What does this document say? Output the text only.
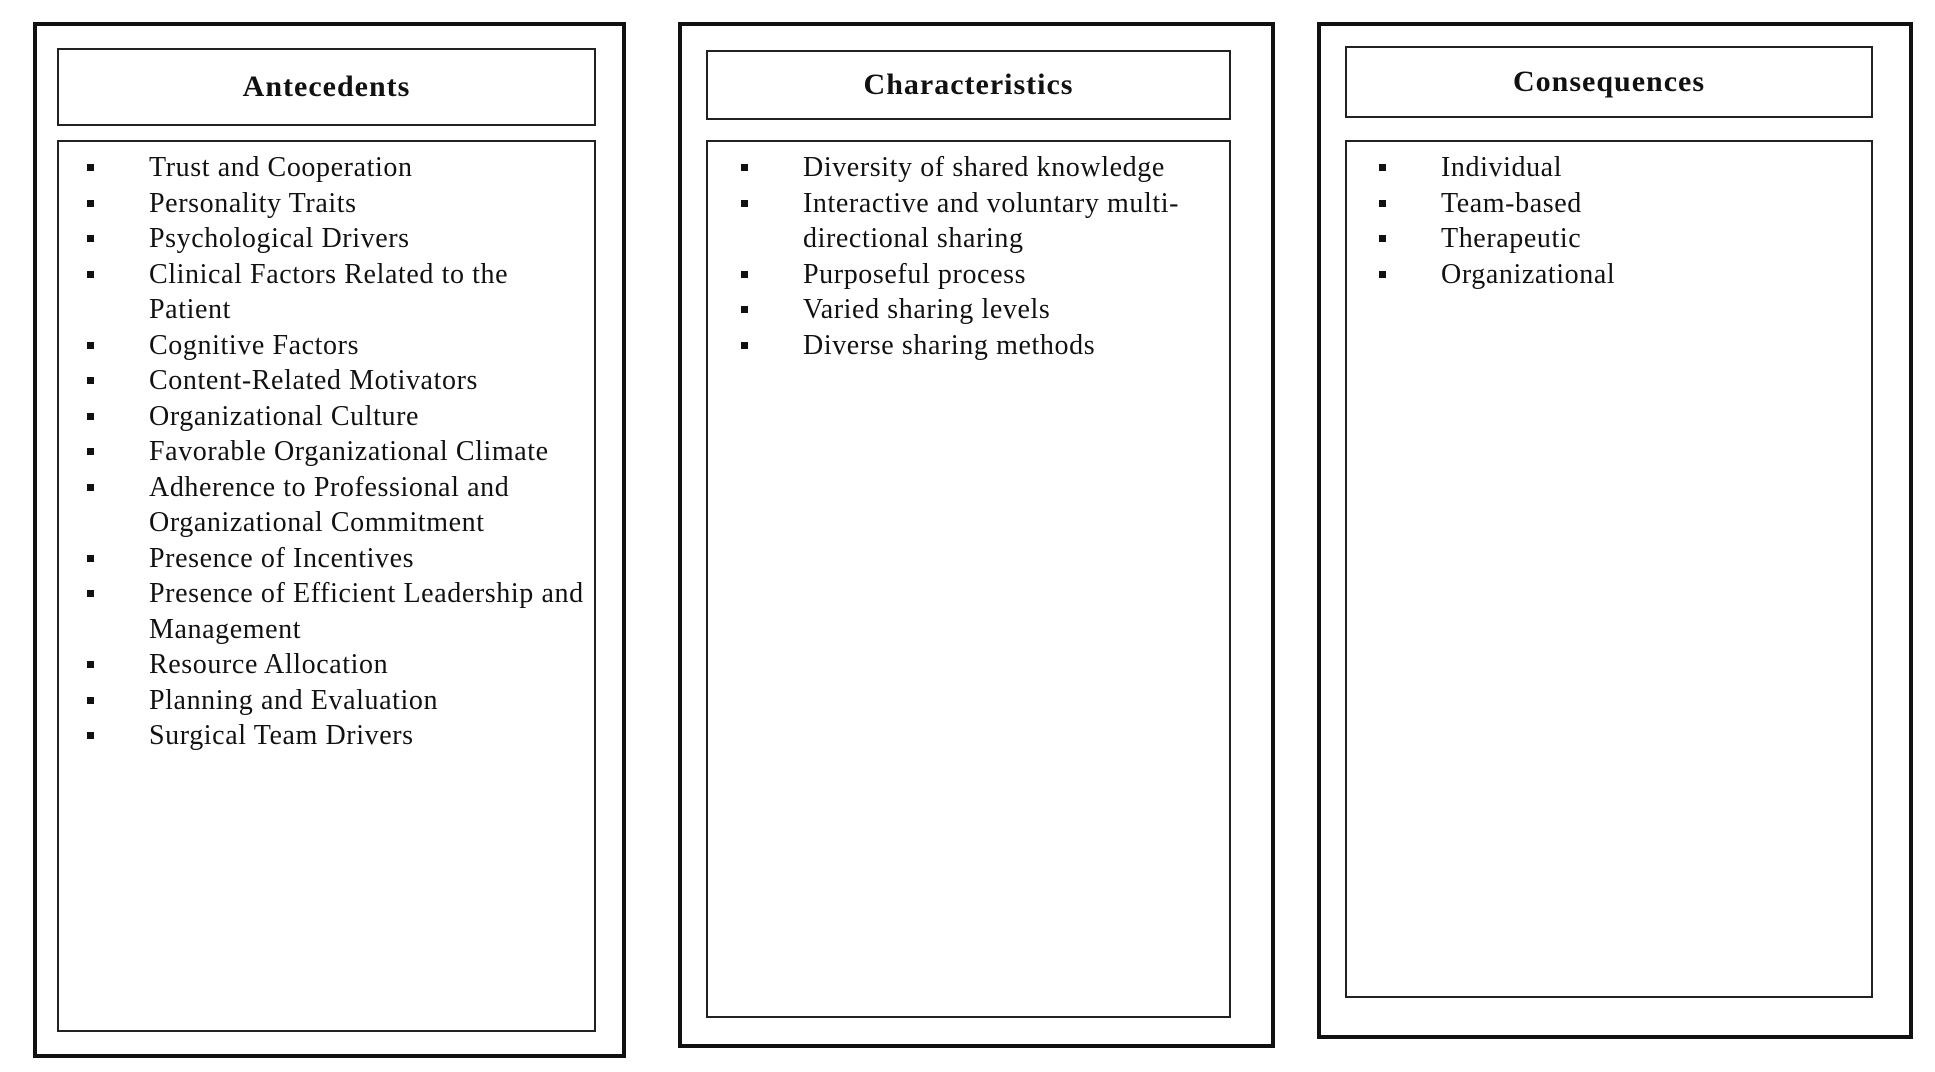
Antecedents
Trust and Cooperation
Personality Traits
Psychological Drivers
Clinical Factors Related to the Patient
Cognitive Factors
Content-Related Motivators
Organizational Culture
Favorable Organizational Climate
Adherence to Professional and Organizational Commitment
Presence of Incentives
Presence of Efficient Leadership and Management
Resource Allocation
Planning and Evaluation
Surgical Team Drivers
Characteristics
Diversity of shared knowledge
Interactive and voluntary multi-directional sharing
Purposeful process
Varied sharing levels
Diverse sharing methods
Consequences
Individual
Team-based
Therapeutic
Organizational
